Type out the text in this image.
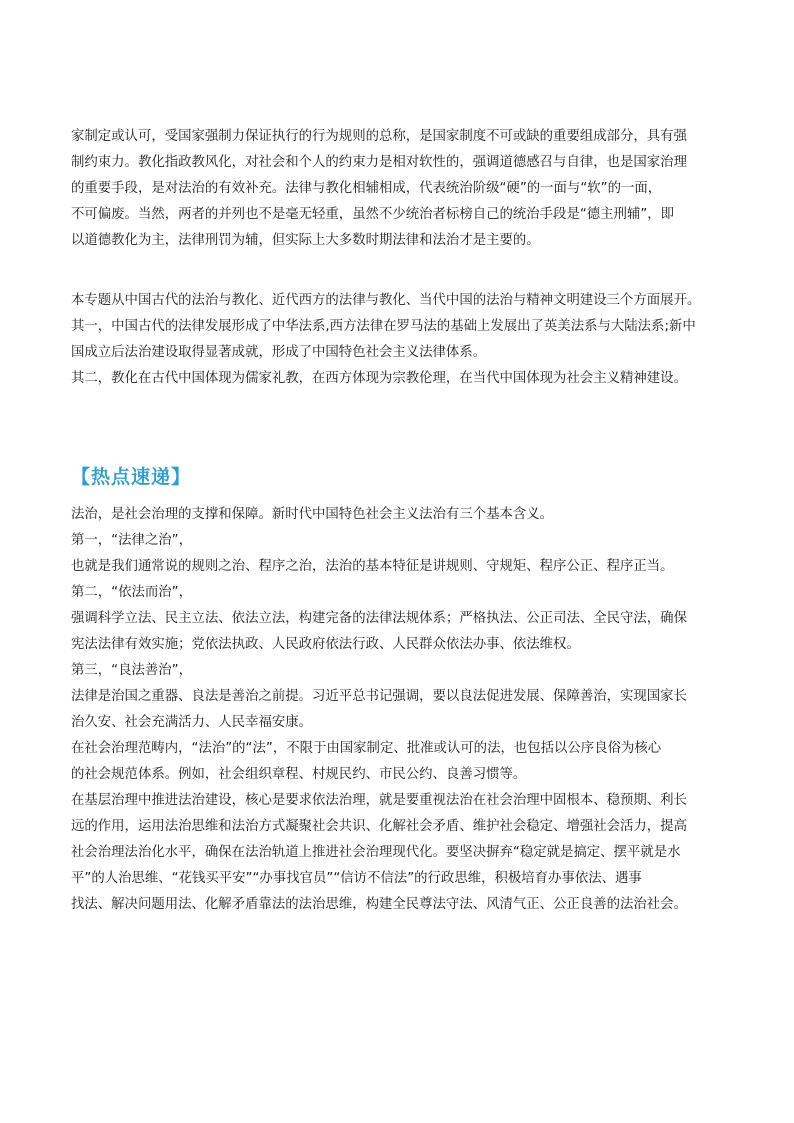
家制定或认可，受国家强制力保证执行的行为规则的总称，是国家制度不可或缺的重要组成部分，具有强
制约束力。教化指政教风化，对社会和个人的约束力是相对软性的，强调道德感召与自律，也是国家治理
的重要手段，是对法治的有效补充。法律与教化相辅相成，代表统治阶级“硬”的一面与“软”的一面，
不可偏废。当然，两者的并列也不是毫无轻重，虽然不少统治者标榜自己的统治手段是“德主刑辅”，即
以道德教化为主，法律刑罚为辅，但实际上大多数时期法律和法治才是主要的。
本专题从中国古代的法治与教化、近代西方的法律与教化、当代中国的法治与精神文明建设三个方面展开。
其一，中国古代的法律发展形成了中华法系,西方法律在罗马法的基础上发展出了英美法系与大陆法系;新中
国成立后法治建设取得显著成就，形成了中国特色社会主义法律体系。
其二，教化在古代中国体现为儒家礼教，在西方体现为宗教伦理，在当代中国体现为社会主义精神建设。
【热点速递】
法治，是社会治理的支撑和保障。新时代中国特色社会主义法治有三个基本含义。
第一，“法律之治”，
也就是我们通常说的规则之治、程序之治，法治的基本特征是讲规则、守规矩、程序公正、程序正当。
第二，“依法而治”，
强调科学立法、民主立法、依法立法，构建完备的法律法规体系；严格执法、公正司法、全民守法，确保
宪法法律有效实施；党依法执政、人民政府依法行政、人民群众依法办事、依法维权。
第三，“良法善治”，
法律是治国之重器、良法是善治之前提。习近平总书记强调，要以良法促进发展、保障善治，实现国家长
治久安、社会充满活力、人民幸福安康。
在社会治理范畴内，“法治”的“法”，不限于由国家制定、批准或认可的法，也包括以公序良俗为核心
的社会规范体系。例如，社会组织章程、村规民约、市民公约、良善习惯等。
在基层治理中推进法治建设，核心是要求依法治理，就是要重视法治在社会治理中固根本、稳预期、利长
远的作用，运用法治思维和法治方式凝聚社会共识、化解社会矛盾、维护社会稳定、增强社会活力，提高
社会治理法治化水平，确保在法治轨道上推进社会治理现代化。要坚决摒弃“稳定就是搞定、摆平就是水
平”的人治思维、“花钱买平安”“办事找官员”“信访不信法”的行政思维，积极培育办事依法、遇事
找法、解决问题用法、化解矛盾靠法的法治思维，构建全民尊法守法、风清气正、公正良善的法治社会。
